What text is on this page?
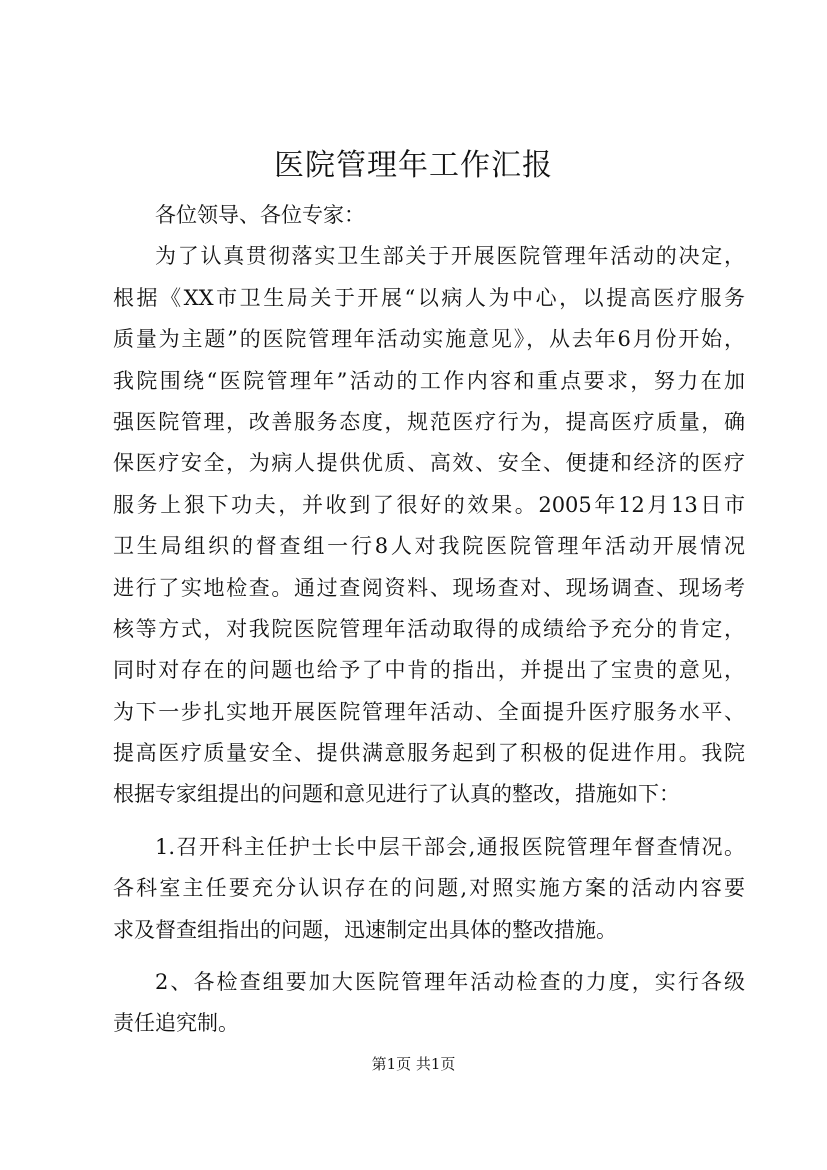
医院管理年工作汇报
各位领导、各位专家：
为了认真贯彻落实卫生部关于开展医院管理年活动的决定，
根据《XX市卫生局关于开展“以病人为中心，以提高医疗服务
质量为主题”的医院管理年活动实施意见》，从去年6月份开始，
我院围绕“医院管理年”活动的工作内容和重点要求，努力在加
强医院管理，改善服务态度，规范医疗行为，提高医疗质量，确
保医疗安全，为病人提供优质、高效、安全、便捷和经济的医疗
服务上狠下功夫，并收到了很好的效果。2005年12月13日市
卫生局组织的督查组一行8人对我院医院管理年活动开展情况
进行了实地检查。通过查阅资料、现场查对、现场调查、现场考
核等方式，对我院医院管理年活动取得的成绩给予充分的肯定，
同时对存在的问题也给予了中肯的指出，并提出了宝贵的意见，
为下一步扎实地开展医院管理年活动、全面提升医疗服务水平、
提高医疗质量安全、提供满意服务起到了积极的促进作用。我院
根据专家组提出的问题和意见进行了认真的整改，措施如下：
1.召开科主任护士长中层干部会,通报医院管理年督查情况。
各科室主任要充分认识存在的问题,对照实施方案的活动内容要
求及督查组指出的问题，迅速制定出具体的整改措施。
2、各检查组要加大医院管理年活动检查的力度，实行各级
责任追究制。
第1页 共1页
